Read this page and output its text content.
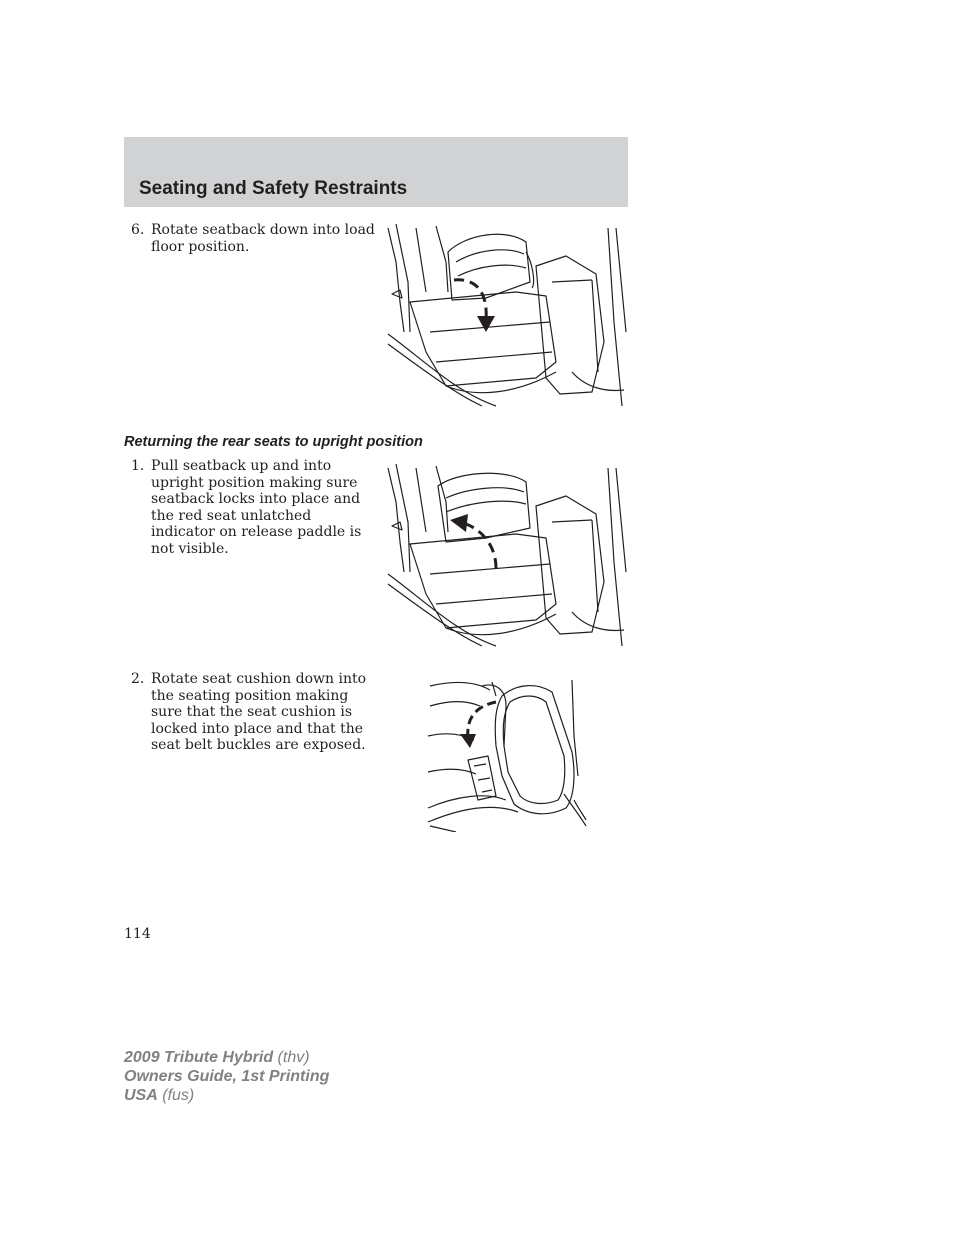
Seating and Safety Restraints
6. Rotate seatback down into load floor position.
Returning the rear seats to upright position
1. Pull seatback up and into upright position making sure seatback locks into place and the red seat unlatched indicator on release paddle is not visible.
2. Rotate seat cushion down into the seating position making sure that the seat cushion is locked into place and that the seat belt buckles are exposed.
114
2009 Tribute Hybrid (thv)
Owners Guide, 1st Printing
USA (fus)
